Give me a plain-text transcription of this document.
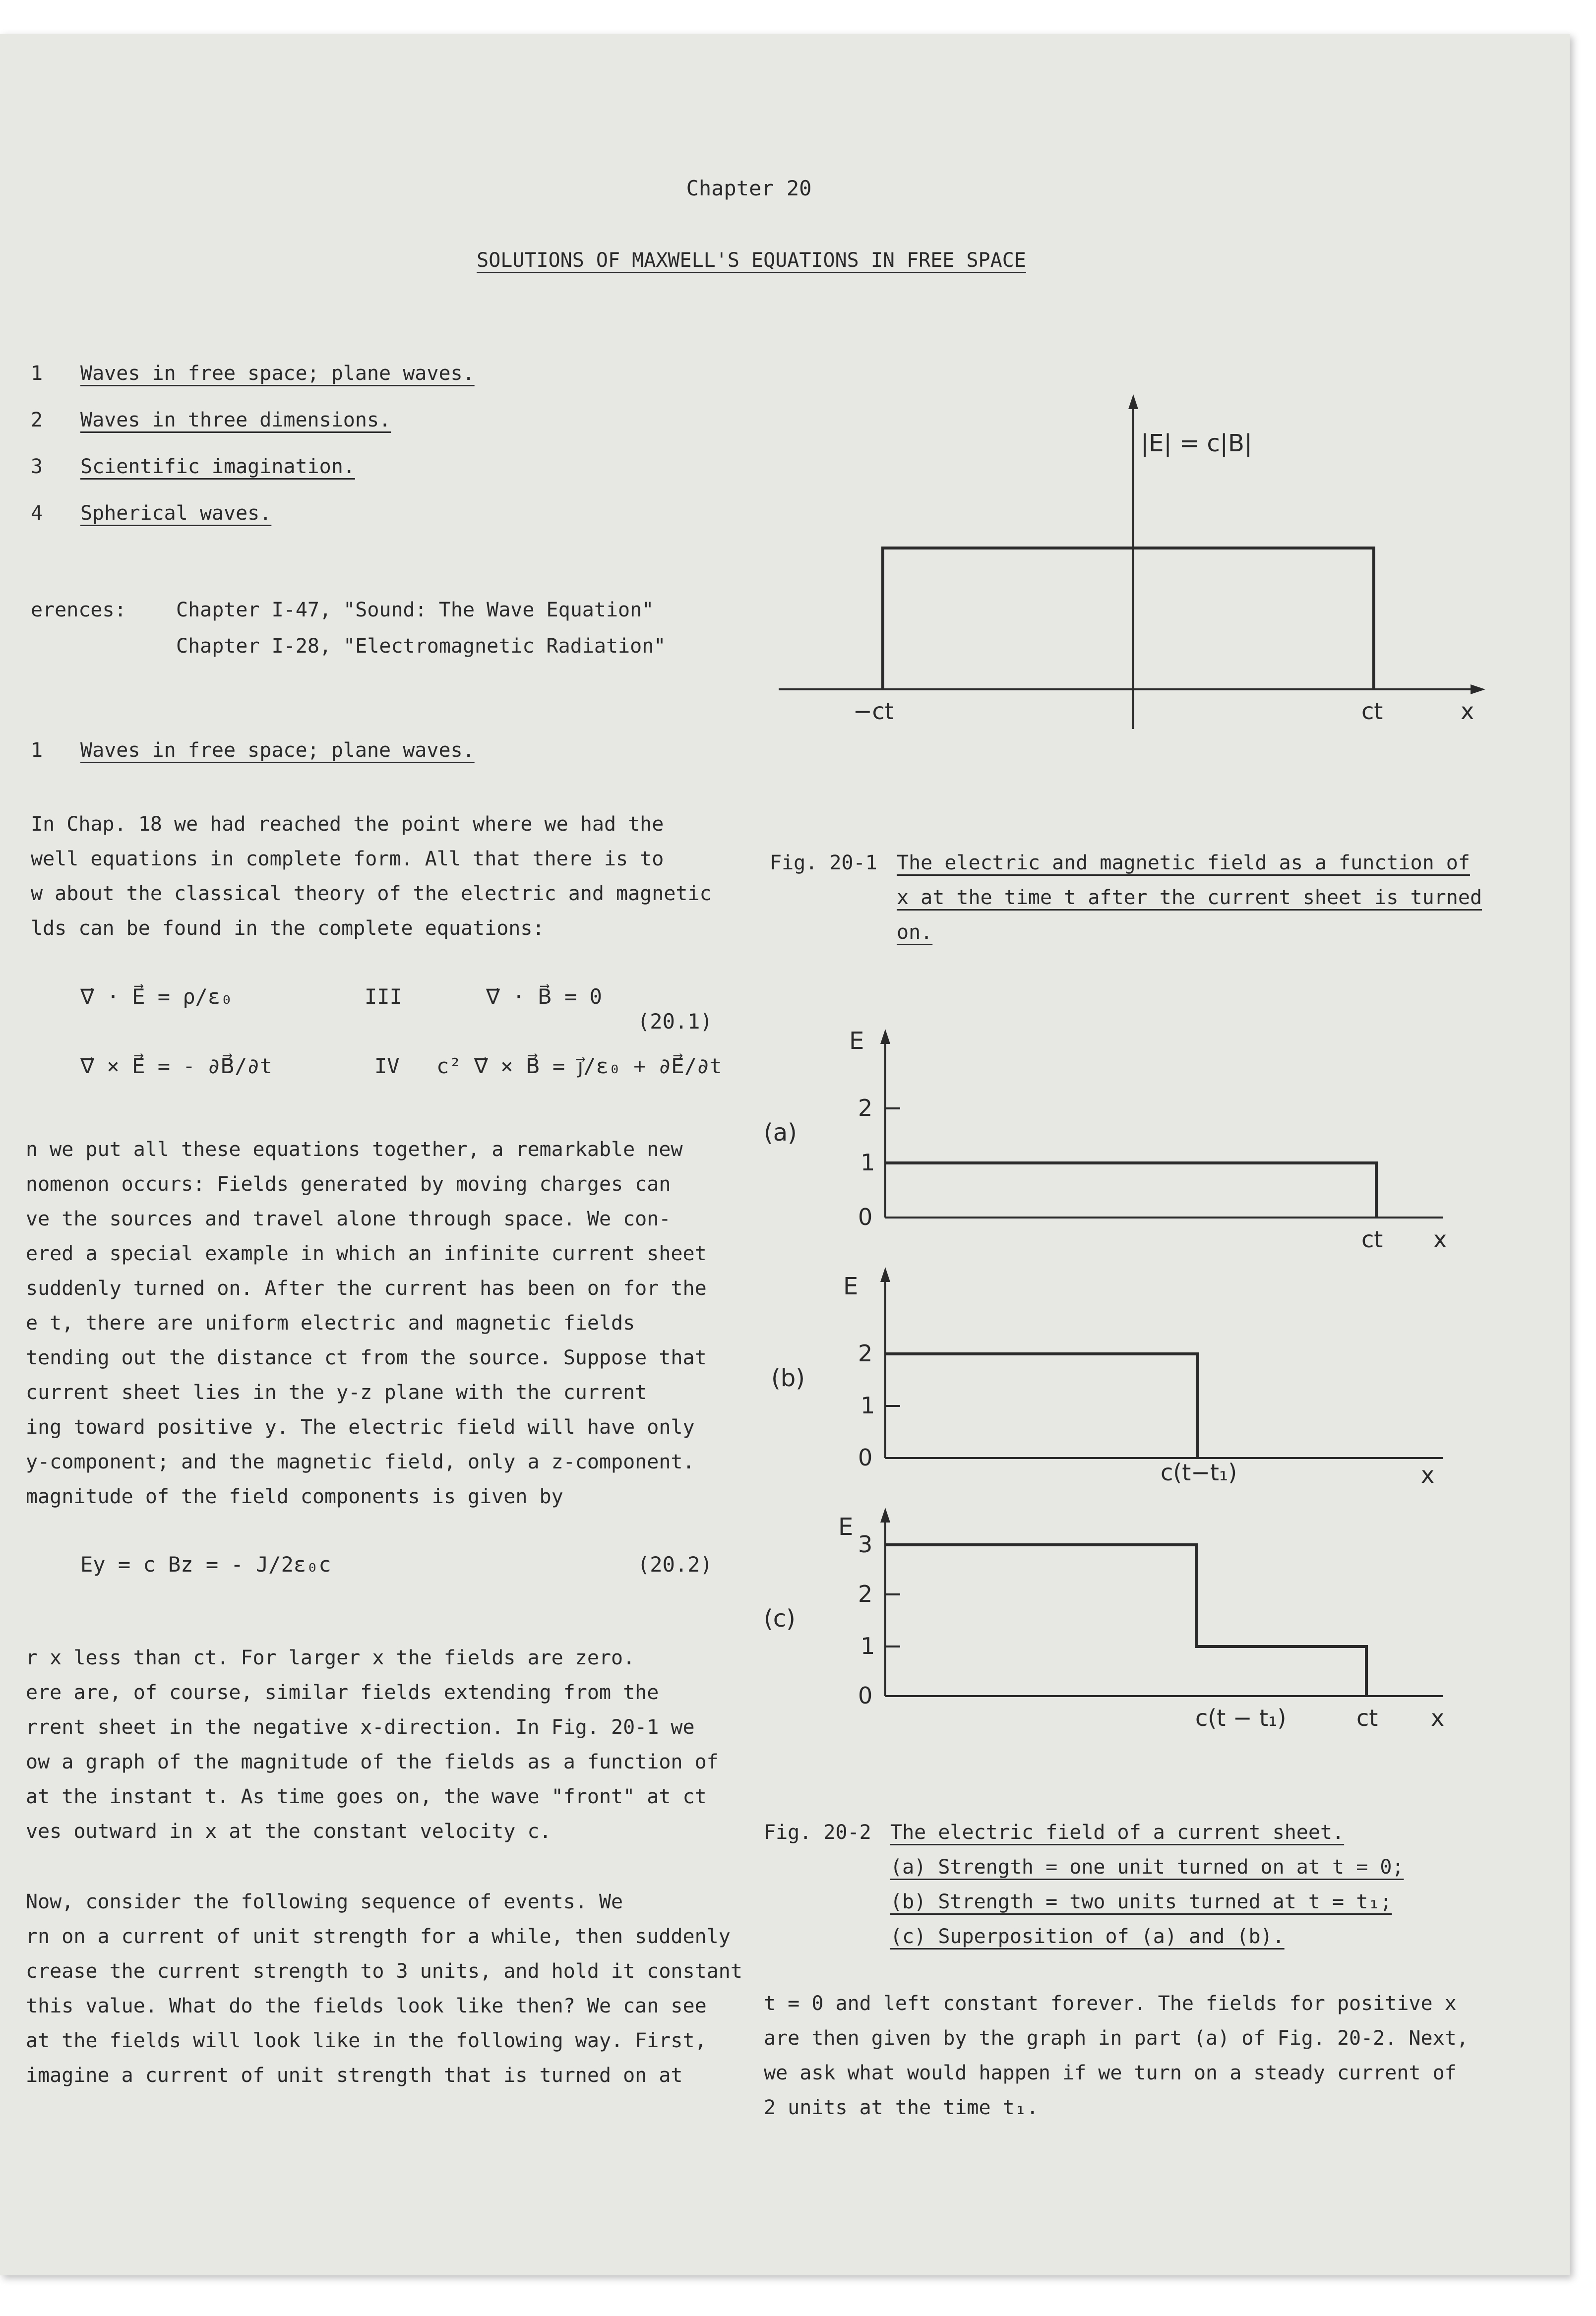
Chapter 20
SOLUTIONS OF MAXWELL'S EQUATIONS IN FREE SPACE
1 Waves in free space; plane waves.
2 Waves in three dimensions.
3 Scientific imagination.
4 Spherical waves.
erences:	Chapter I-47, "Sound: The Wave Equation"
Chapter I-28, "Electromagnetic Radiation"
1 Waves in free space; plane waves.
In Chap. 18 we had reached the point where we had the
well equations in complete form. All that there is to
w about the classical theory of the electric and magnetic
lds can be found in the complete equations:
∇⃗ · E⃗ = ρ/ε₀	III	∇⃗ · B⃗ = 0
(20.1)
∇⃗ × E⃗ = - ∂B⃗/∂t	IV c² ∇⃗ × B⃗ = j⃗/ε₀ + ∂E⃗/∂t
n we put all these equations together, a remarkable new
nomenon occurs: Fields generated by moving charges can
ve the sources and travel alone through space. We con-
ered a special example in which an infinite current sheet
suddenly turned on. After the current has been on for the
e t, there are uniform electric and magnetic fields
tending out the distance ct from the source. Suppose that
current sheet lies in the y-z plane with the current
ing toward positive y. The electric field will have only
y-component; and the magnetic field, only a z-component.
magnitude of the field components is given by
Ey = c Bz = - J/2ε₀c	(20.2)
r x less than ct. For larger x the fields are zero.
ere are, of course, similar fields extending from the
rrent sheet in the negative x-direction. In Fig. 20-1 we
ow a graph of the magnitude of the fields as a function of
at the instant t. As time goes on, the wave "front" at ct
ves outward in x at the constant velocity c.
Now, consider the following sequence of events. We
rn on a current of unit strength for a while, then suddenly
crease the current strength to 3 units, and hold it constant
this value. What do the fields look like then? We can see
at the fields will look like in the following way. First,
imagine a current of unit strength that is turned on at
|E| = c|B|
−ct	ct	x
Fig. 20-1 The electric and magnetic field as a function of
x at the time t after the current sheet is turned
on.
E
0
1
2
ct x
(a)
E
0
1
2
c(t−t₁)	x
(b)
E
0
1
2
3
c(t − t₁)	ct x
(c)
Fig. 20-2 The electric field of a current sheet.
(a) Strength = one unit turned on at t = 0;
(b) Strength = two units turned at t = t₁;
(c) Superposition of (a) and (b).
t = 0 and left constant forever. The fields for positive x
are then given by the graph in part (a) of Fig. 20-2. Next,
we ask what would happen if we turn on a steady current of
2 units at the time t₁.
